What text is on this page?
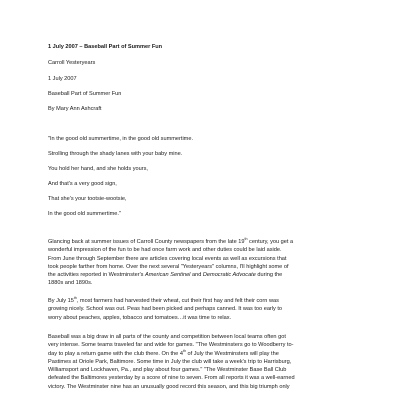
1 July 2007 – Baseball Part of Summer Fun

Carroll Yesteryears

1 July 2007

Baseball Part of Summer Fun

By Mary Ann Ashcraft

"In the good old summertime, in the good old summertime.

Strolling through the shady lanes with your baby mine.

You hold her hand, and she holds yours,

And that's a very good sign,

That she's your tootsie-wootsie,

In the good old summertime."

Glancing back at summer issues of Carroll County newspapers from the late 19th century, you get a
wonderful impression of the fun to be had once farm work and other duties could be laid aside.
From June through September there are articles covering local events as well as excursions that
took people farther from home. Over the next several "Yesteryears" columns, I'll highlight some of
the activities reported in Westminster's American Sentinel and Democratic Advocate during the
1880s and 1890s.
By July 15th, most farmers had harvested their wheat, cut their first hay and felt their corn was
growing nicely. School was out. Peas had been picked and perhaps canned. It was too early to
worry about peaches, apples, tobacco and tomatoes…it was time to relax.
Baseball was a big draw in all parts of the county and competition between local teams often got
very intense. Some teams traveled far and wide for games. "The Westminsters go to Woodberry to-
day to play a return game with the club there. On the 4th of July the Westminsters will play the
Pastimes at Oriole Park, Baltimore. Some time in July the club will take a week's trip to Harrisburg,
Williamsport and Lockhaven, Pa., and play about four games." "The Westminster Base Ball Club
defeated the Baltimores yesterday by a score of nine to seven. From all reports it was a well-earned
victory. The Westminster nine has an unusually good record this season, and this big triumph only
